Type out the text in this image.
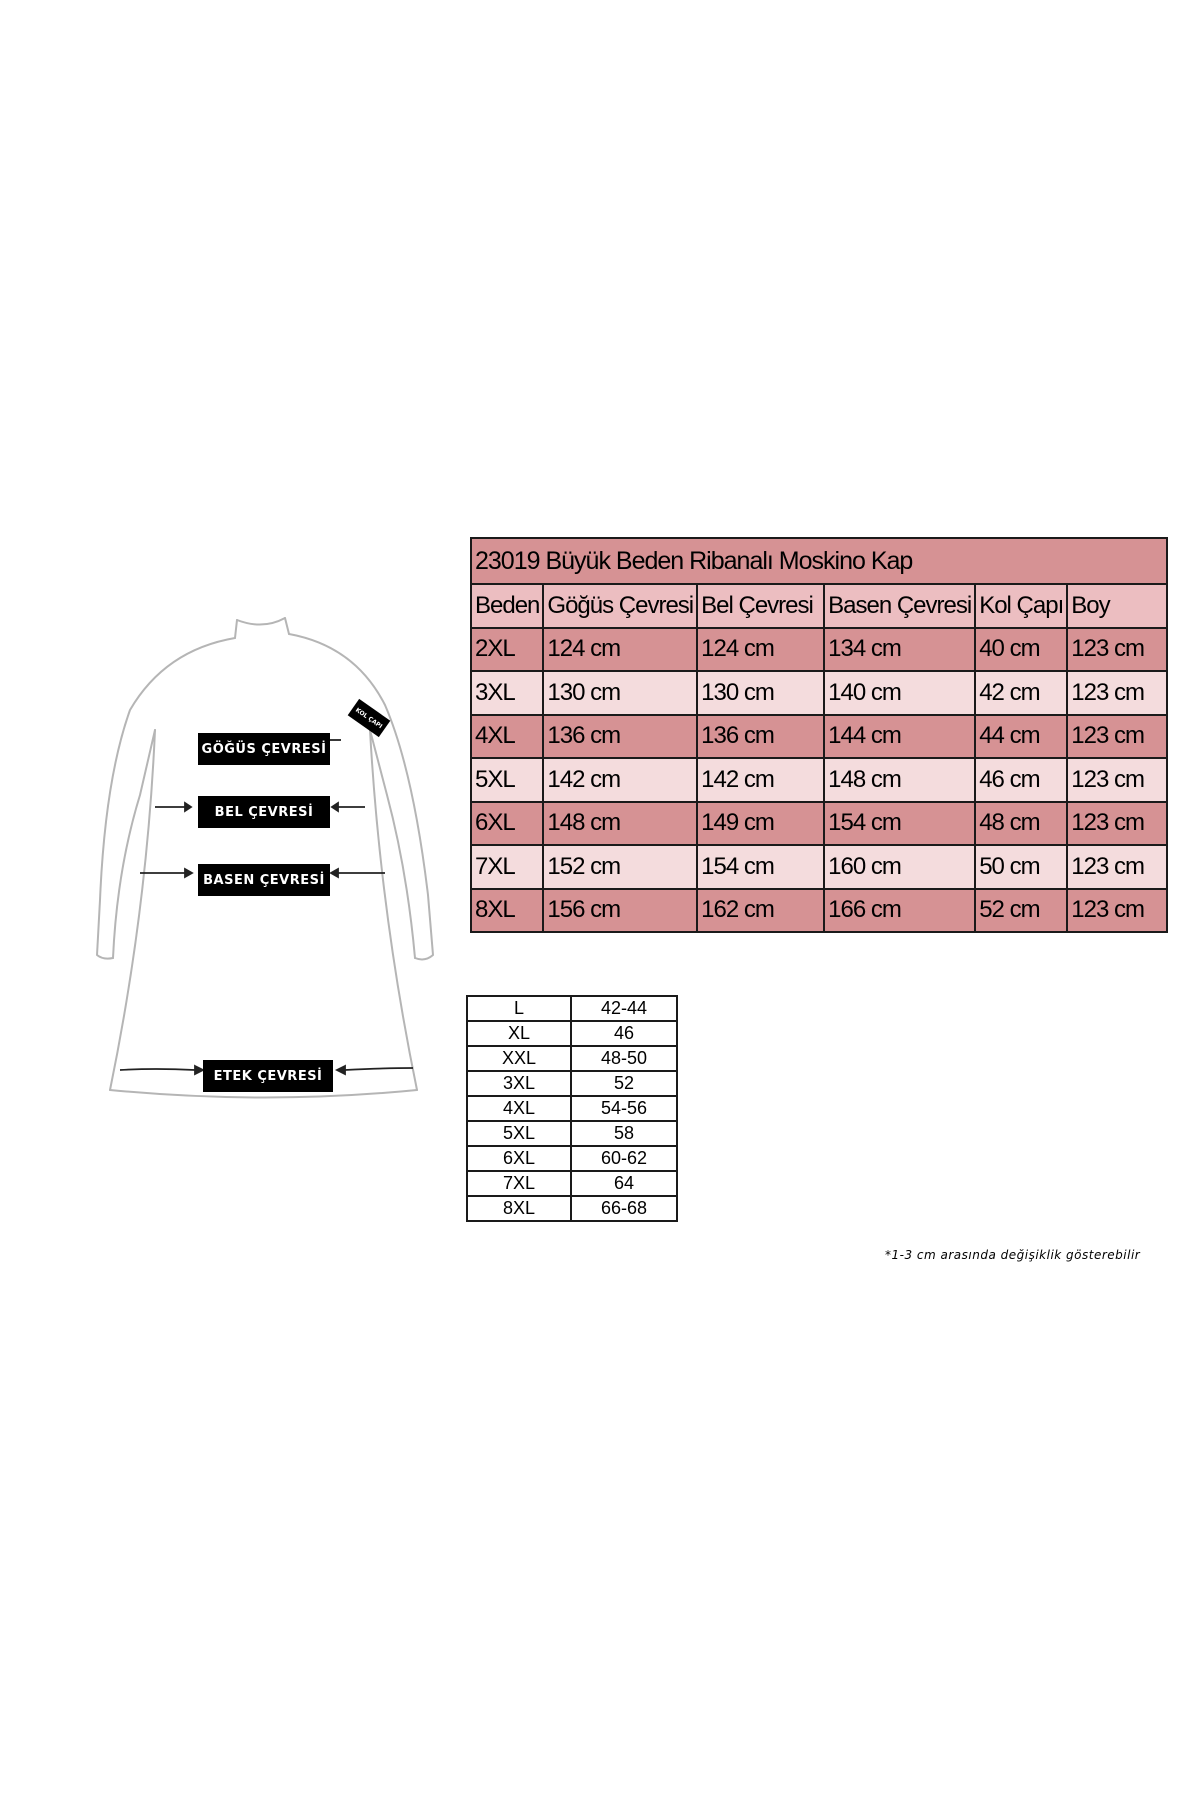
GÖĞÜS ÇEVRESİ
BEL ÇEVRESİ
BASEN ÇEVRESİ
ETEK ÇEVRESİ
KOL ÇAPI
23019 Büyük Beden Ribanalı Moskino Kap					
Beden	Göğüs Çevresi	Bel Çevresi	Basen Çevresi	Kol Çapı	Boy
2XL	124 cm	124 cm	134 cm	40 cm	123 cm
3XL	130 cm	130 cm	140 cm	42 cm	123 cm
4XL	136 cm	136 cm	144 cm	44 cm	123 cm
5XL	142 cm	142 cm	148 cm	46 cm	123 cm
6XL	148 cm	149 cm	154 cm	48 cm	123 cm
7XL	152 cm	154 cm	160 cm	50 cm	123 cm
8XL	156 cm	162 cm	166 cm	52 cm	123 cm
L	42-44
XL	46
XXL	48-50
3XL	52
4XL	54-56
5XL	58
6XL	60-62
7XL	64
8XL	66-68
*1-3 cm arasında değişiklik gösterebilir
